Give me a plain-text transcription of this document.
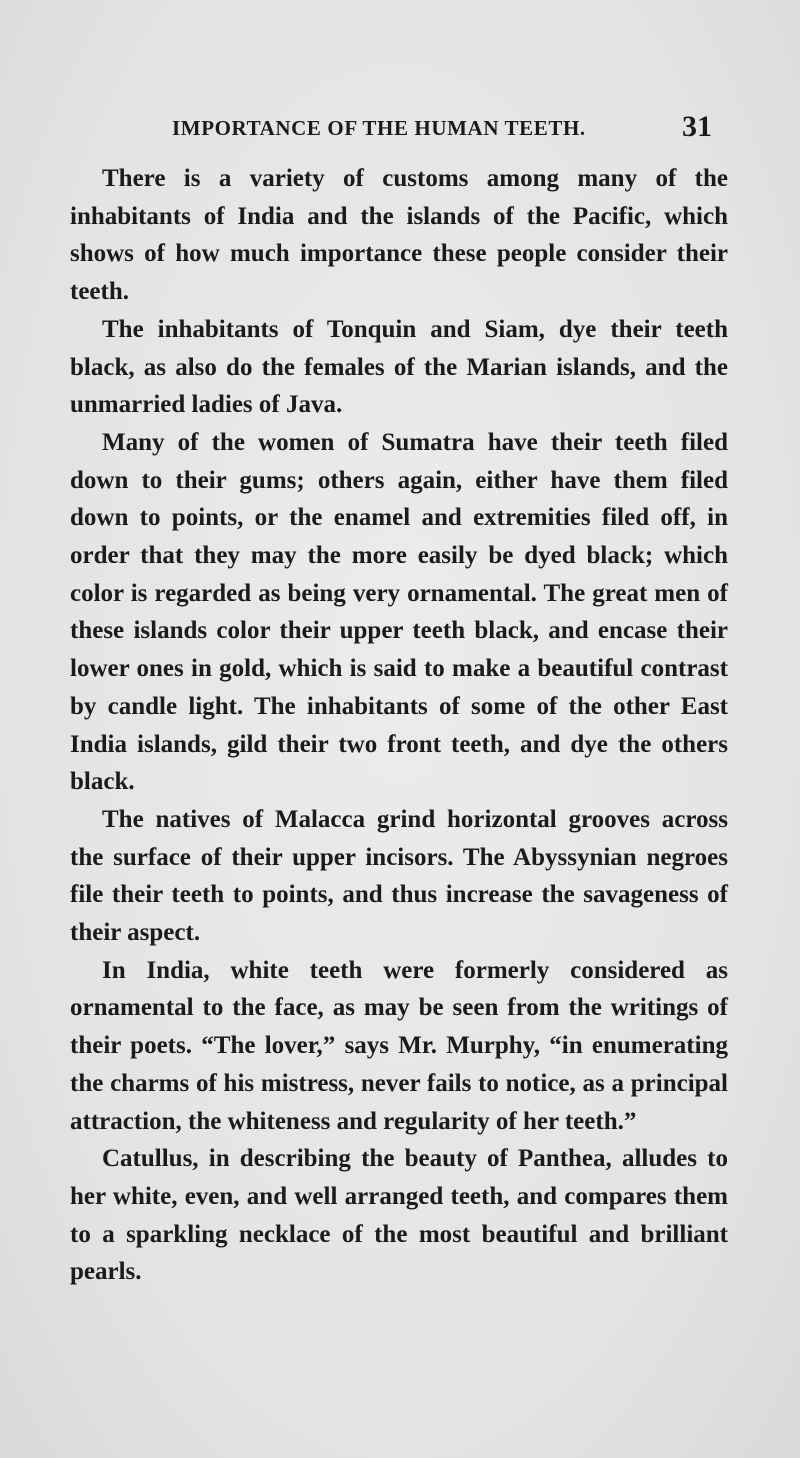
IMPORTANCE OF THE HUMAN TEETH.	31

There is a variety of customs among many of the inhabitants of India and the islands of the Pacific, which shows of how much importance these people consider their teeth.

The inhabitants of Tonquin and Siam, dye their teeth black, as also do the females of the Marian islands, and the unmarried ladies of Java.

Many of the women of Sumatra have their teeth filed down to their gums; others again, either have them filed down to points, or the enamel and extremities filed off, in order that they may the more easily be dyed black; which color is regarded as being very ornamental. The great men of these islands color their upper teeth black, and encase their lower ones in gold, which is said to make a beautiful contrast by candle light. The inhabitants of some of the other East India islands, gild their two front teeth, and dye the others black.

The natives of Malacca grind horizontal grooves across the surface of their upper incisors. The Abyssynian negroes file their teeth to points, and thus increase the savageness of their aspect.

In India, white teeth were formerly considered as ornamental to the face, as may be seen from the writings of their poets. “The lover,” says Mr. Murphy, “in enumerating the charms of his mistress, never fails to notice, as a principal attraction, the whiteness and regularity of her teeth.”

Catullus, in describing the beauty of Panthea, alludes to her white, even, and well arranged teeth, and compares them to a sparkling necklace of the most beautiful and brilliant pearls.
